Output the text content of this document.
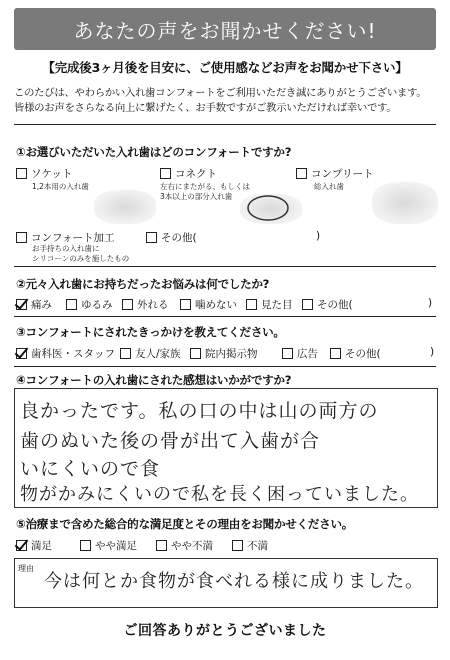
あなたの声をお聞かせください!
【完成後3ヶ月後を目安に、ご使用感などお声をお聞かせ下さい】
このたびは、やわらかい入れ歯コンフォートをご利用いただき誠にありがとうございます。
皆様のお声をさらなる向上に繋げたく、お手数ですがご教示いただければ幸いです。
①お選びいただいた入れ歯はどのコンフォートですか?
ソケット
1,2本用の入れ歯
コネクト
左右にまたがる、もしくは
3本以上の部分入れ歯
コンプリート
総入れ歯
コンフォート加工
お手持ちの入れ歯に
シリコーンのみを施したもの
その他(	)
②元々入れ歯にお持ちだったお悩みは何でしたか?
痛み	ゆるみ 外れる	噛めない 見た目 その他(	)
③コンフォートにされたきっかけを教えてください。
歯科医・スタッフ 友人/家族 院内掲示物	広告	その他(	)
④コンフォートの入れ歯にされた感想はいかがですか?
良かったです。私の口の中は山の両方の
歯のぬいた後の骨が出て入歯が合
いにくいので食
物がかみにくいので私を長く困っていました。
⑤治療まで含めた総合的な満足度とその理由をお聞かせください。
満足	やや満足	やや不満	不満
理由
今は何とか食物が食べれる様に成りました。
ご回答ありがとうございました
